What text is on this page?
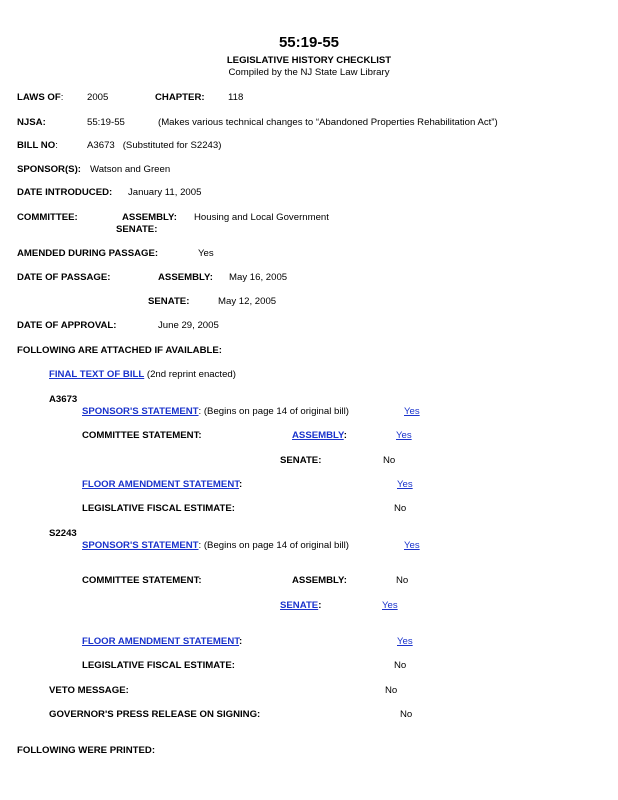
55:19-55
LEGISLATIVE HISTORY CHECKLIST
Compiled by the NJ State Law Library
LAWS OF: 2005	CHAPTER: 118
NJSA:	55:19-55	(Makes various technical changes to “Abandoned Properties Rehabilitation Act”)
BILL NO:	A3673   (Substituted for S2243)
SPONSOR(S): Watson and Green
DATE INTRODUCED: January 11, 2005
COMMITTEE:	ASSEMBLY: Housing and Local Government
SENATE:
AMENDED DURING PASSAGE:	Yes
DATE OF PASSAGE:	ASSEMBLY: May 16, 2005
SENATE:	May 12, 2005
DATE OF APPROVAL:	June 29, 2005
FOLLOWING ARE ATTACHED IF AVAILABLE:
FINAL TEXT OF BILL (2nd reprint enacted)
A3673
SPONSOR'S STATEMENT: (Begins on page 14 of original bill)	Yes
COMMITTEE STATEMENT:	ASSEMBLY:	Yes
SENATE:	No
FLOOR AMENDMENT STATEMENT:	Yes
LEGISLATIVE FISCAL ESTIMATE:	No
S2243
SPONSOR'S STATEMENT: (Begins on page 14 of original bill)	Yes
COMMITTEE STATEMENT:	ASSEMBLY:	No
SENATE:	Yes
FLOOR AMENDMENT STATEMENT:	Yes
LEGISLATIVE FISCAL ESTIMATE:	No
VETO MESSAGE:	No
GOVERNOR'S PRESS RELEASE ON SIGNING:	No
FOLLOWING WERE PRINTED:
